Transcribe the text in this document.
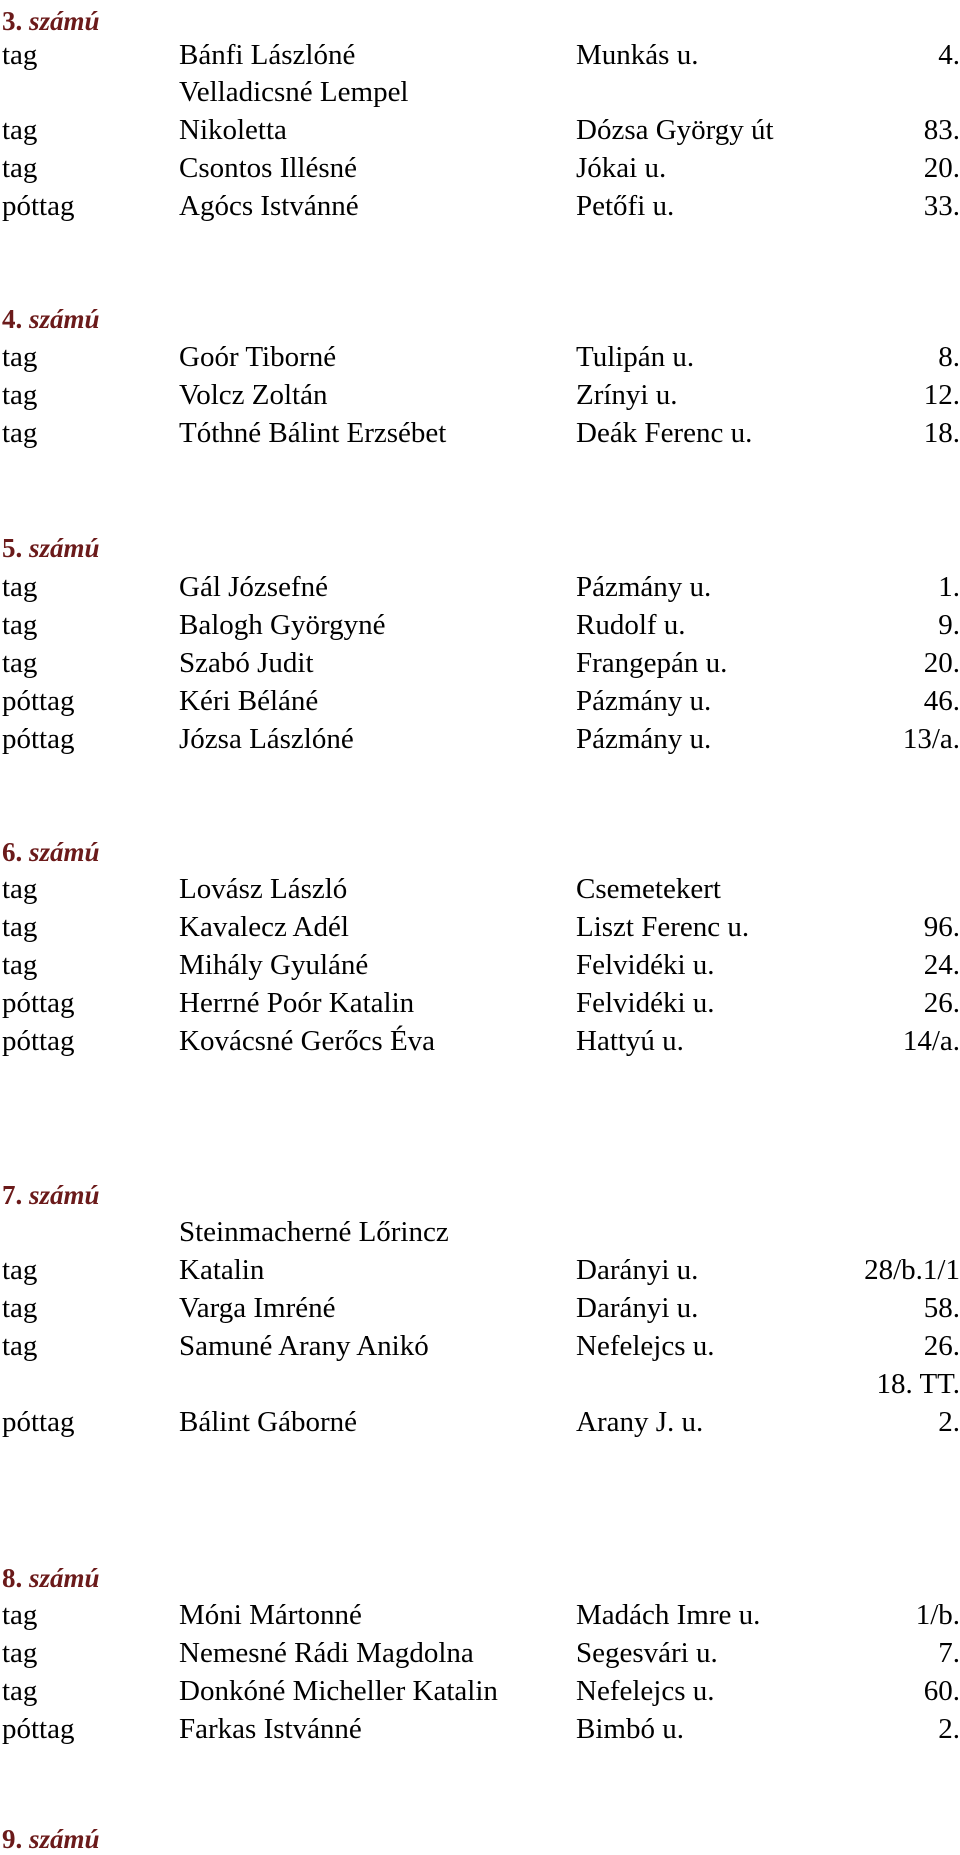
3. számú
tag	Bánfi Lászlóné	Munkás u.	4.
Velladicsné Lempel
tag	Nikoletta	Dózsa György út	83.
tag	Csontos Illésné	Jókai u.	20.
póttag	Agócs Istvánné	Petőfi u.	33.
4. számú
tag	Goór Tiborné	Tulipán u.	8.
tag	Volcz Zoltán	Zrínyi u.	12.
tag	Tóthné Bálint Erzsébet	Deák Ferenc u.	18.
5. számú
tag	Gál Józsefné	Pázmány u.	1.
tag	Balogh Györgyné	Rudolf u.	9.
tag	Szabó Judit	Frangepán u.	20.
póttag	Kéri Béláné	Pázmány u.	46.
póttag	Józsa Lászlóné	Pázmány u.	13/a.
6. számú
tag	Lovász László	Csemetekert
tag	Kavalecz Adél	Liszt Ferenc u.	96.
tag	Mihály Gyuláné	Felvidéki u.	24.
póttag	Herrné Poór Katalin	Felvidéki u.	26.
póttag	Kovácsné Gerőcs Éva	Hattyú u.	14/a.
7. számú
Steinmacherné Lőrincz
tag	Katalin	Darányi u.	28/b.1/1
tag	Varga Imréné	Darányi u.	58.
tag	Samuné Arany Anikó	Nefelejcs u.	26.
18. TT.
póttag	Bálint Gáborné	Arany J. u.	2.
8. számú
tag	Móni Mártonné	Madách Imre u.	1/b.
tag	Nemesné Rádi Magdolna	Segesvári u.	7.
tag	Donkóné Micheller Katalin	Nefelejcs u.	60.
póttag	Farkas Istvánné	Bimbó u.	2.
9. számú
